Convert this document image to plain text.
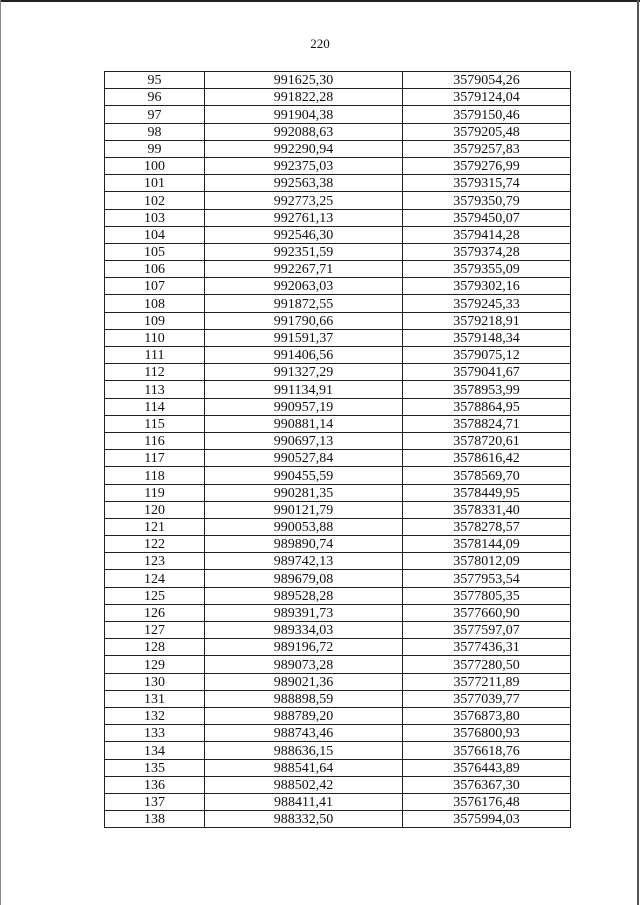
220
95	991625,30	3579054,26
96	991822,28	3579124,04
97	991904,38	3579150,46
98	992088,63	3579205,48
99	992290,94	3579257,83
100	992375,03	3579276,99
101	992563,38	3579315,74
102	992773,25	3579350,79
103	992761,13	3579450,07
104	992546,30	3579414,28
105	992351,59	3579374,28
106	992267,71	3579355,09
107	992063,03	3579302,16
108	991872,55	3579245,33
109	991790,66	3579218,91
110	991591,37	3579148,34
111	991406,56	3579075,12
112	991327,29	3579041,67
113	991134,91	3578953,99
114	990957,19	3578864,95
115	990881,14	3578824,71
116	990697,13	3578720,61
117	990527,84	3578616,42
118	990455,59	3578569,70
119	990281,35	3578449,95
120	990121,79	3578331,40
121	990053,88	3578278,57
122	989890,74	3578144,09
123	989742,13	3578012,09
124	989679,08	3577953,54
125	989528,28	3577805,35
126	989391,73	3577660,90
127	989334,03	3577597,07
128	989196,72	3577436,31
129	989073,28	3577280,50
130	989021,36	3577211,89
131	988898,59	3577039,77
132	988789,20	3576873,80
133	988743,46	3576800,93
134	988636,15	3576618,76
135	988541,64	3576443,89
136	988502,42	3576367,30
137	988411,41	3576176,48
138	988332,50	3575994,03
